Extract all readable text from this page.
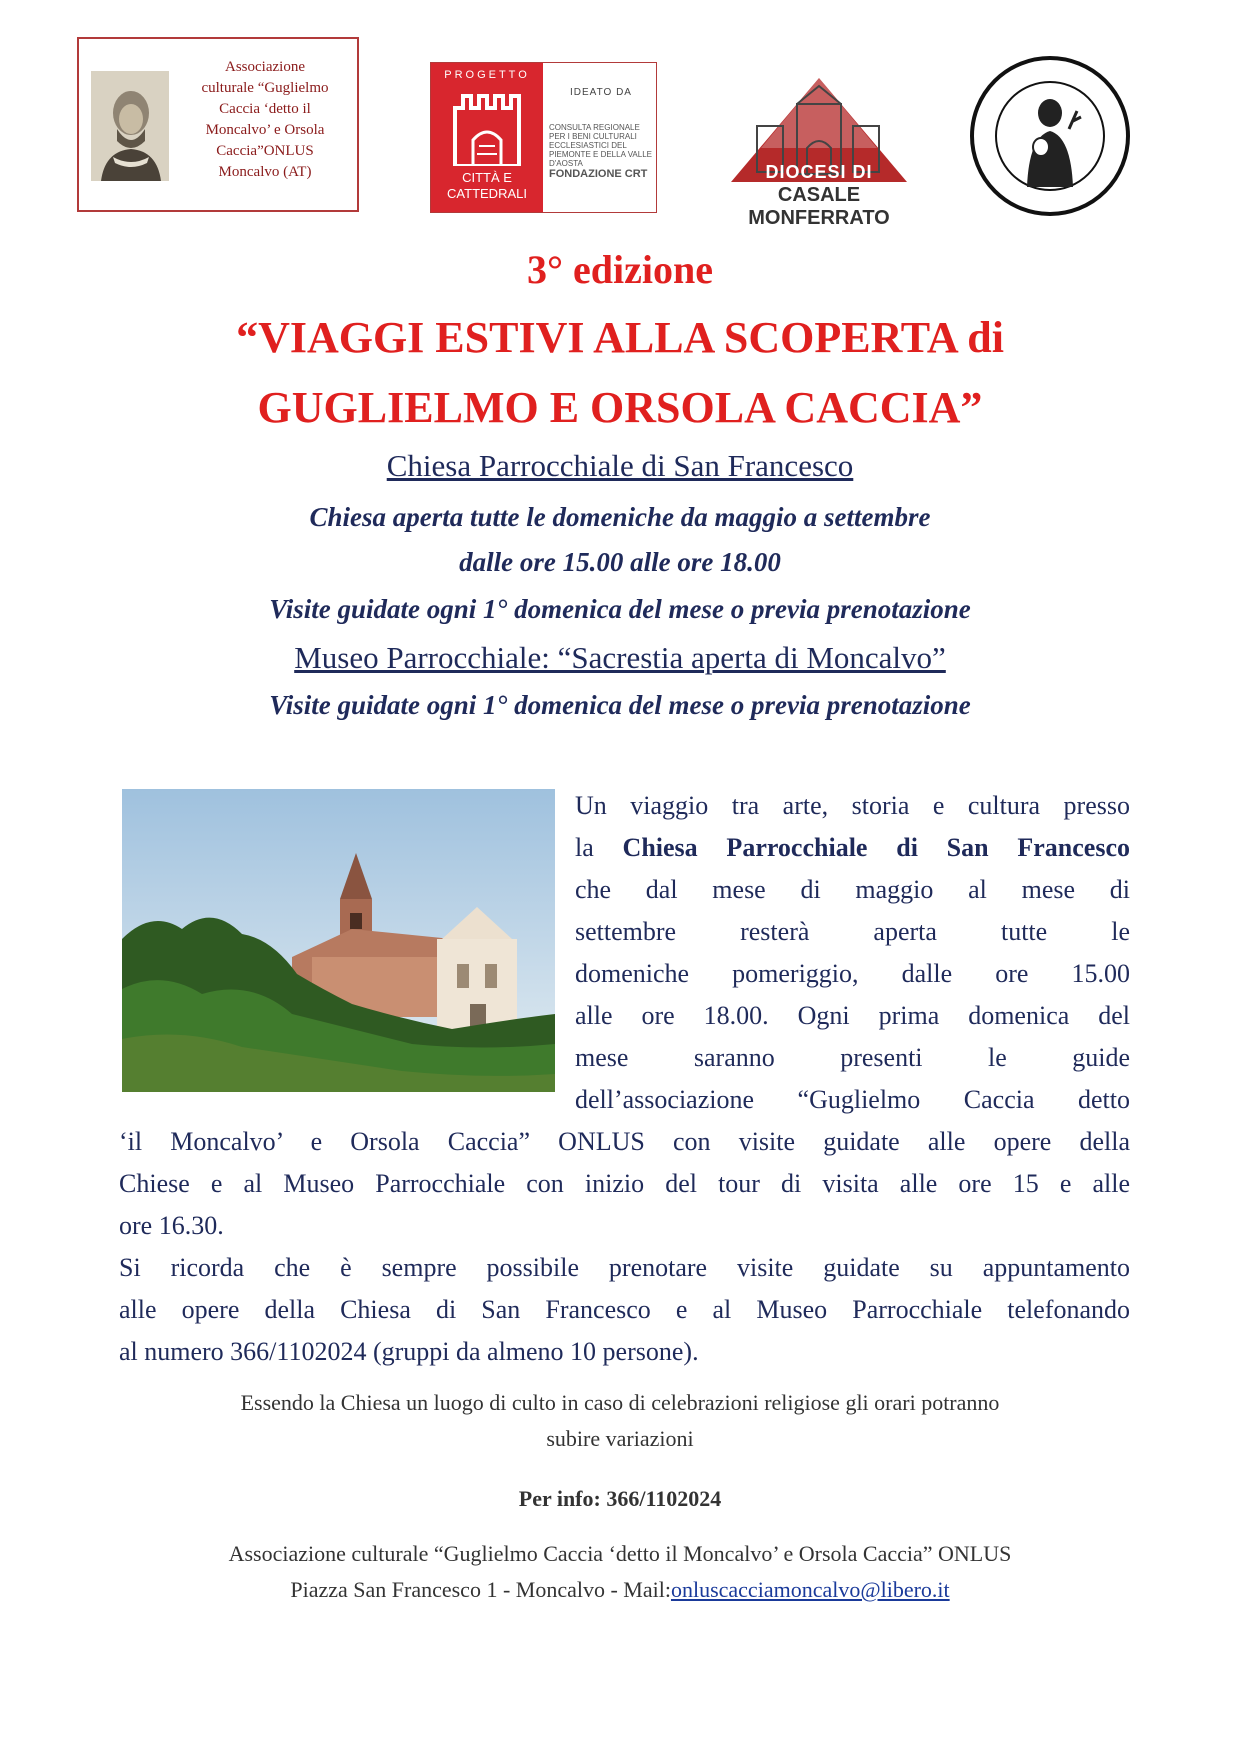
Associazione
culturale “Guglielmo
Caccia ‘detto il
Moncalvo’ e Orsola
Caccia”ONLUS
Moncalvo (AT)
PROGETTO
CITTÀ E
CATTEDRALI
IDEATO DA
CONSULTA REGIONALE PER I BENI CULTURALI ECCLESIASTICI DEL PIEMONTE E DELLA VALLE D'AOSTA
FONDAZIONE CRT	DIOCESI DI
CASALE MONFERRATO
3° edizione
“VIAGGI ESTIVI ALLA SCOPERTA di
GUGLIELMO E ORSOLA CACCIA”
Chiesa Parrocchiale di San Francesco
Chiesa aperta tutte le domeniche da maggio a settembre
dalle ore 15.00 alle ore 18.00
Visite guidate ogni 1° domenica del mese o previa prenotazione
Museo Parrocchiale: “Sacrestia aperta di Moncalvo”
Visite guidate ogni 1° domenica del mese o previa prenotazione
Un viaggio tra arte, storia e cultura presso
la Chiesa Parrocchiale di San Francesco
che dal mese di maggio al mese di
settembre resterà aperta tutte le
domeniche pomeriggio, dalle ore 15.00
alle ore 18.00. Ogni prima domenica del
mese saranno presenti le guide
dell’associazione “Guglielmo Caccia detto
‘il Moncalvo’ e Orsola Caccia” ONLUS con visite guidate alle opere della
Chiese e al Museo Parrocchiale con inizio del tour di visita alle ore 15 e alle
ore 16.30.
Si ricorda che è sempre possibile prenotare visite guidate su appuntamento
alle opere della Chiesa di San Francesco e al Museo Parrocchiale telefonando
al numero 366/1102024 (gruppi da almeno 10 persone).
Essendo la Chiesa un luogo di culto in caso di celebrazioni religiose gli orari potranno
subire variazioni
Per info: 366/1102024
Associazione culturale “Guglielmo Caccia ‘detto il Moncalvo’ e Orsola Caccia” ONLUS
Piazza San Francesco 1 - Moncalvo - Mail:onluscacciamoncalvo@libero.it
